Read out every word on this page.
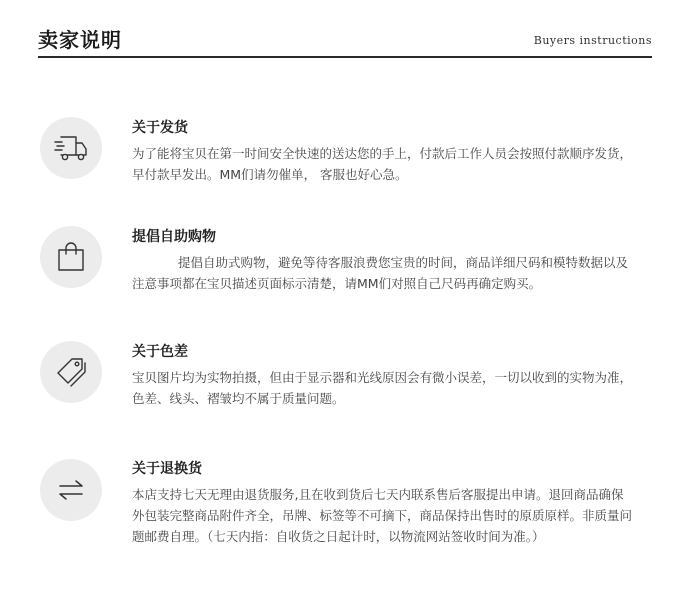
卖家说明	Buyers instructions
关于发货
为了能将宝贝在第一时间安全快速的送达您的手上，付款后工作人员会按照付款顺序发货，早付款早发出。MM们请勿催单， 客服也好心急。
提倡自助购物
提倡自助式购物，避免等待客服浪费您宝贵的时间，商品详细尺码和模特数据以及注意事项都在宝贝描述页面标示清楚，请MM们对照自己尺码再确定购买。
关于色差
宝贝图片均为实物拍摄，但由于显示器和光线原因会有微小误差，一切以收到的实物为准，色差、线头、褶皱均不属于质量问题。
关于退换货
本店支持七天无理由退货服务,且在收到货后七天内联系售后客服提出申请。退回商品确保外包装完整商品附件齐全，吊牌、标签等不可摘下，商品保持出售时的原质原样。非质量问题邮费自理。（七天内指：自收货之日起计时，以物流网站签收时间为准。）
